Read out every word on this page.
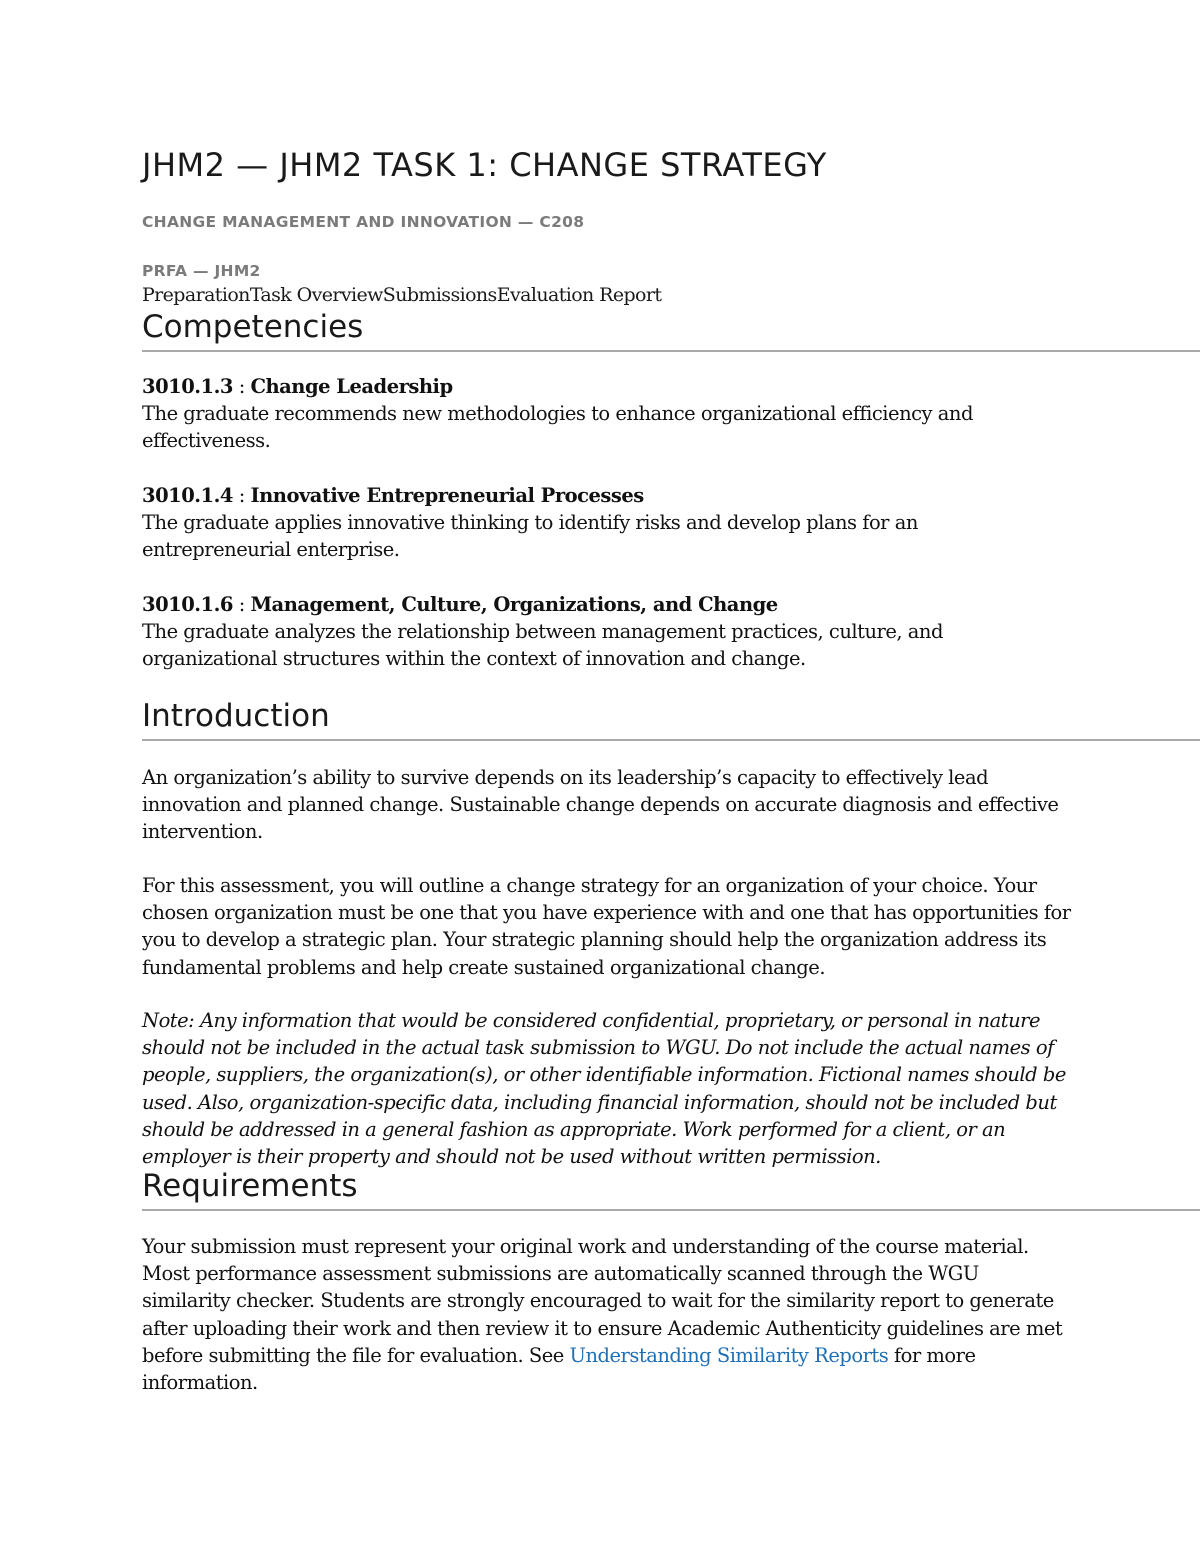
JHM2 — JHM2 TASK 1: CHANGE STRATEGY
CHANGE MANAGEMENT AND INNOVATION — C208
PRFA — JHM2
PreparationTask OverviewSubmissionsEvaluation Report
Competencies
3010.1.3 : Change Leadership
The graduate recommends new methodologies to enhance organizational efficiency and effectiveness.
3010.1.4 : Innovative Entrepreneurial Processes
The graduate applies innovative thinking to identify risks and develop plans for an entrepreneurial enterprise.
3010.1.6 : Management, Culture, Organizations, and Change
The graduate analyzes the relationship between management practices, culture, and organizational structures within the context of innovation and change.
Introduction

An organization’s ability to survive depends on its leadership’s capacity to effectively lead innovation and planned change. Sustainable change depends on accurate diagnosis and effective intervention.

For this assessment, you will outline a change strategy for an organization of your choice. Your chosen organization must be one that you have experience with and one that has opportunities for you to develop a strategic plan. Your strategic planning should help the organization address its fundamental problems and help create sustained organizational change.

Note: Any information that would be considered confidential, proprietary, or personal in nature should not be included in the actual task submission to WGU. Do not include the actual names of people, suppliers, the organization(s), or other identifiable information. Fictional names should be used. Also, organization-specific data, including financial information, should not be included but should be addressed in a general fashion as appropriate. Work performed for a client, or an employer is their property and should not be used without written permission.

Requirements

Your submission must represent your original work and understanding of the course material. Most performance assessment submissions are automatically scanned through the WGU similarity checker. Students are strongly encouraged to wait for the similarity report to generate after uploading their work and then review it to ensure Academic Authenticity guidelines are met before submitting the file for evaluation. See Understanding Similarity Reports for more information.
